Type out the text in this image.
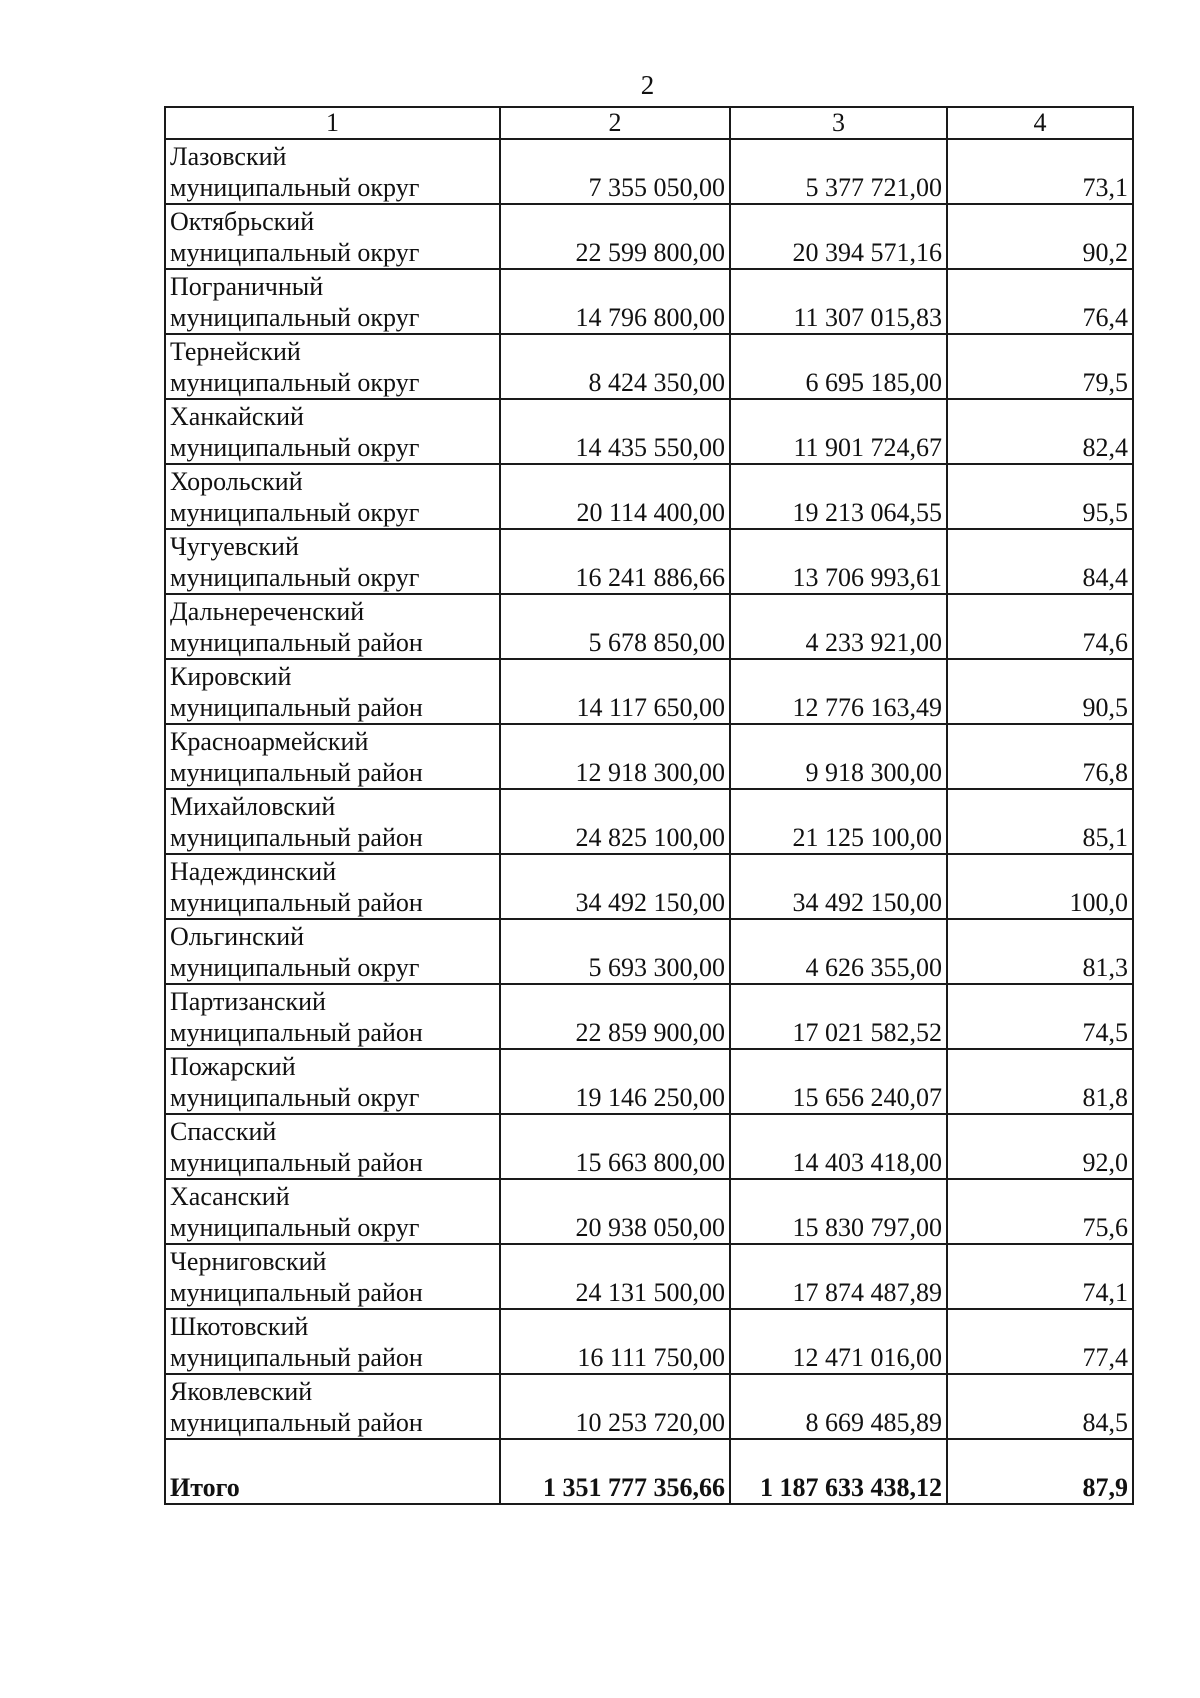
2
1	2	3	4

Лазовский
муниципальный округ	7 355 050,00	5 377 721,00	73,1

Октябрьский
муниципальный округ	22 599 800,00	20 394 571,16	90,2

Пограничный
муниципальный округ	14 796 800,00	11 307 015,83	76,4

Тернейский
муниципальный округ	8 424 350,00	6 695 185,00	79,5

Ханкайский
муниципальный округ	14 435 550,00	11 901 724,67	82,4

Хорольский
муниципальный округ	20 114 400,00	19 213 064,55	95,5

Чугуевский
муниципальный округ	16 241 886,66	13 706 993,61	84,4

Дальнереченский
муниципальный район	5 678 850,00	4 233 921,00	74,6

Кировский
муниципальный район	14 117 650,00	12 776 163,49	90,5

Красноармейский
муниципальный район	12 918 300,00	9 918 300,00	76,8

Михайловский
муниципальный район	24 825 100,00	21 125 100,00	85,1

Надеждинский
муниципальный район	34 492 150,00	34 492 150,00	100,0

Ольгинский
муниципальный округ	5 693 300,00	4 626 355,00	81,3

Партизанский
муниципальный район	22 859 900,00	17 021 582,52	74,5

Пожарский
муниципальный округ	19 146 250,00	15 656 240,07	81,8

Спасский
муниципальный район	15 663 800,00	14 403 418,00	92,0

Хасанский
муниципальный округ	20 938 050,00	15 830 797,00	75,6

Черниговский
муниципальный район	24 131 500,00	17 874 487,89	74,1

Шкотовский
муниципальный район	16 111 750,00	12 471 016,00	77,4

Яковлевский
муниципальный район	10 253 720,00	8 669 485,89	84,5
Итого	1 351 777 356,66	1 187 633 438,12	87,9
